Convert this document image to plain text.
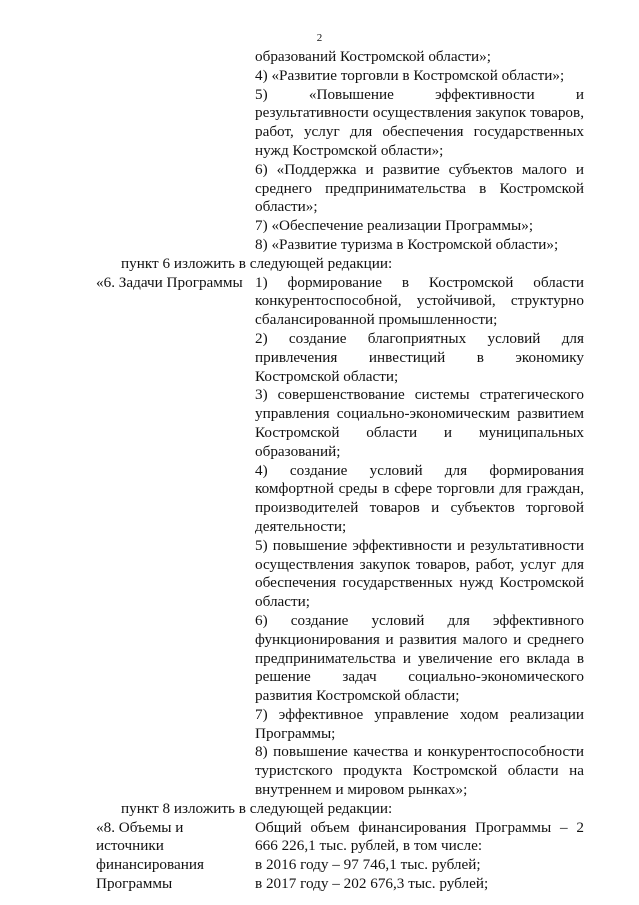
2
образований Костромской области»;
4) «Развитие торговли в Костромской области»;
5) «Повышение эффективности и результативности осуществления закупок товаров, работ, услуг для обеспечения государственных нужд Костромской области»;
6) «Поддержка и развитие субъектов малого и среднего предпринимательства в Костромской области»;
7) «Обеспечение реализации Программы»;
8) «Развитие туризма в Костромской области»;
пункт 6 изложить в следующей редакции:
«6. Задачи Программы 1) формирование в Костромской области конкурентоспособной, устойчивой, структурно сбалансированной промышленности;
2) создание благоприятных условий для привлечения инвестиций в экономику Костромской области;
3) совершенствование системы стратегического управления социально-экономическим развитием Костромской области и муниципальных образований;
4) создание условий для формирования комфортной среды в сфере торговли для граждан, производителей товаров и субъектов торговой деятельности;
5) повышение эффективности и результативности осуществления закупок товаров, работ, услуг для обеспечения государственных нужд Костромской области;
6) создание условий для эффективного функционирования и развития малого и среднего предпринимательства и увеличение его вклада в решение задач социально-экономического развития Костромской области;
7) эффективное управление ходом реализации Программы;
8) повышение качества и конкурентоспособности туристского продукта Костромской области на внутреннем и мировом рынках»;
пункт 8 изложить в следующей редакции:
«8. Объемы и источники финансирования Программы
Общий объем финансирования Программы – 2 666 226,1 тыс. рублей, в том числе:
в 2016 году – 97 746,1 тыс. рублей;
в 2017 году – 202 676,3 тыс. рублей;
